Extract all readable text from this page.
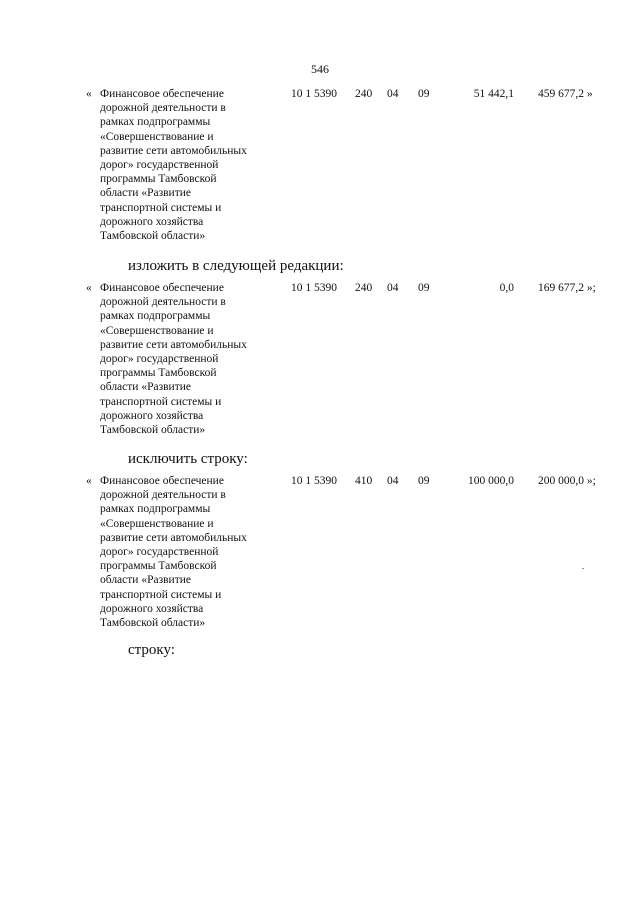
546
« Финансовое обеспечение
дорожной деятельности в
рамках подпрограммы
«Совершенствование и
развитие сети автомобильных
дорог» государственной
программы Тамбовской
области «Развитие
транспортной системы и
дорожного хозяйства
Тамбовской области»
10 1 5390 240 04 09	51 442,1 459 677,2 »
изложить в следующей редакции:
« Финансовое обеспечение
дорожной деятельности в
рамках подпрограммы
«Совершенствование и
развитие сети автомобильных
дорог» государственной
программы Тамбовской
области «Развитие
транспортной системы и
дорожного хозяйства
Тамбовской области»
10 1 5390 240 04 09	0,0 169 677,2 »;
исключить строку:
« Финансовое обеспечение
дорожной деятельности в
рамках подпрограммы
«Совершенствование и
развитие сети автомобильных
дорог» государственной
программы Тамбовской
области «Развитие
транспортной системы и
дорожного хозяйства
Тамбовской области»
10 1 5390 410 04 09	100 000,0 200 000,0 »;
строку:
